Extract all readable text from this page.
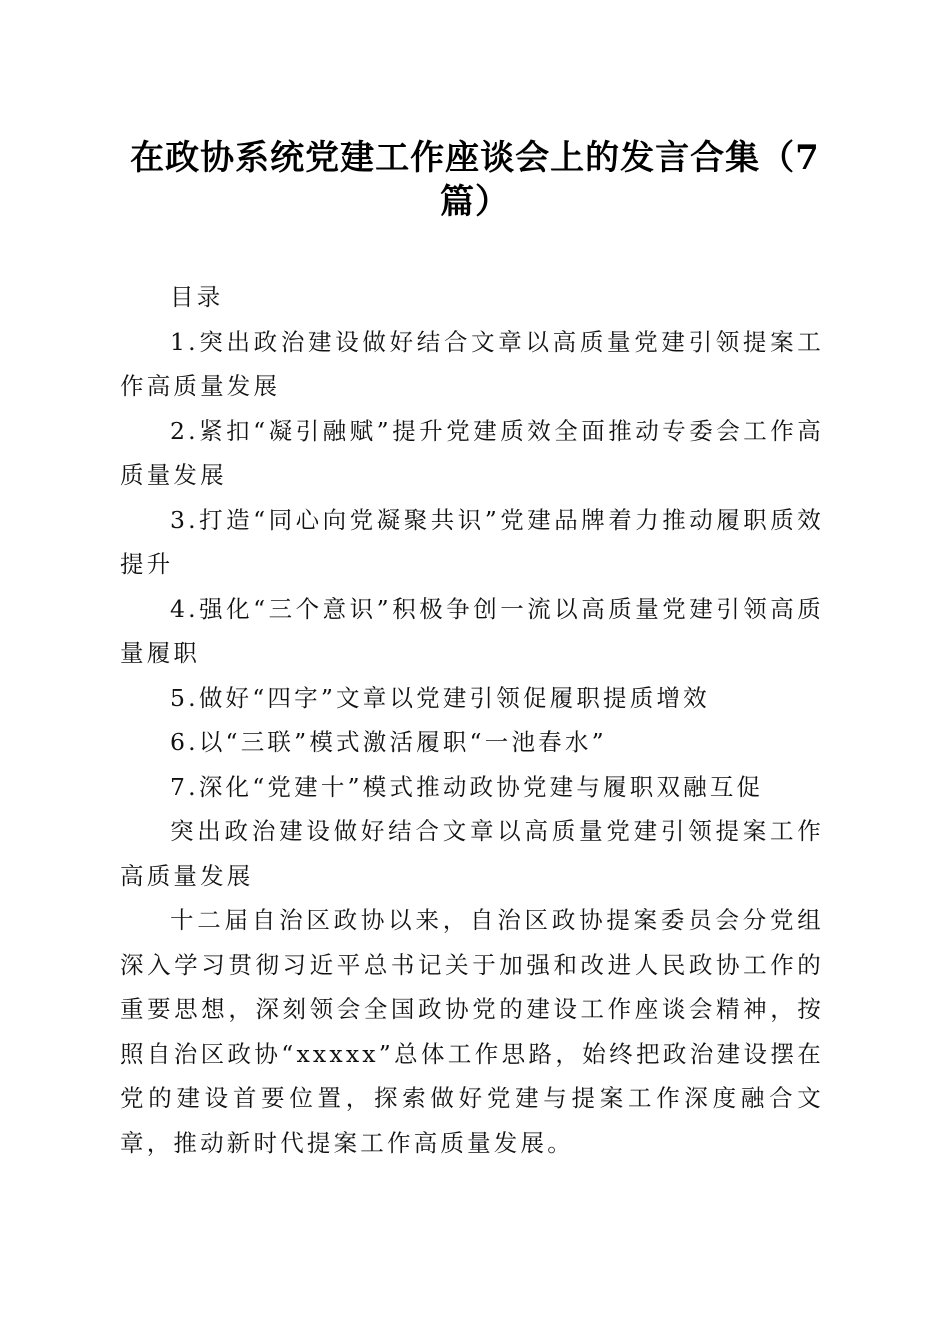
在政协系统党建工作座谈会上的发言合集（7篇）

目录

1.突出政治建设做好结合文章以高质量党建引领提案工作高质量发展

2.紧扣“凝引融赋”提升党建质效全面推动专委会工作高质量发展

3.打造“同心向党凝聚共识”党建品牌着力推动履职质效提升

4.强化“三个意识”积极争创一流以高质量党建引领高质量履职

5.做好“四字”文章以党建引领促履职提质增效

6.以“三联”模式激活履职“一池春水”

7.深化“党建十”模式推动政协党建与履职双融互促

突出政治建设做好结合文章以高质量党建引领提案工作高质量发展

十二届自治区政协以来，自治区政协提案委员会分党组深入学习贯彻习近平总书记关于加强和改进人民政协工作的重要思想，深刻领会全国政协党的建设工作座谈会精神，按照自治区政协“xxxxx”总体工作思路，始终把政治建设摆在党的建设首要位置，探索做好党建与提案工作深度融合文章，推动新时代提案工作高质量发展。
